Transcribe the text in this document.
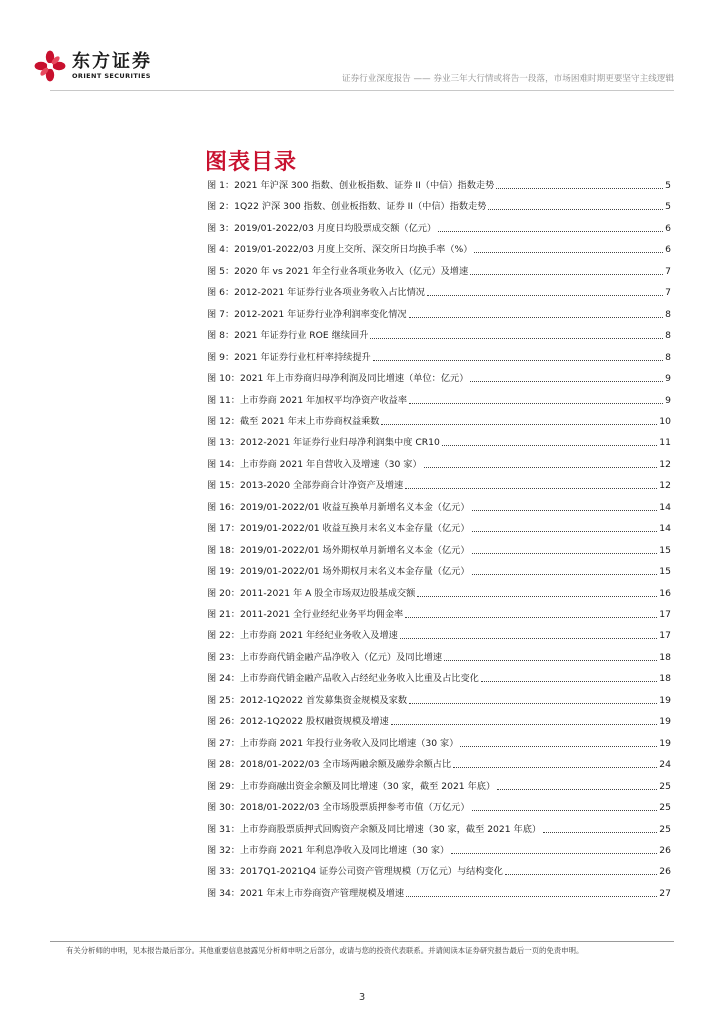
东方证券
ORIENT SECURITIES	证券行业深度报告 —— 券业三年大行情或将告一段落，市场困难时期更要坚守主线逻辑
图表目录
图 1：2021 年沪深 300 指数、创业板指数、证券 II（中信）指数走势	5
图 2：1Q22 沪深 300 指数、创业板指数、证券 II（中信）指数走势	5
图 3：2019/01-2022/03 月度日均股票成交额（亿元）	6
图 4：2019/01-2022/03 月度上交所、深交所日均换手率（%）	6
图 5：2020 年 vs 2021 年全行业各项业务收入（亿元）及增速	7
图 6：2012-2021 年证券行业各项业务收入占比情况	7
图 7：2012-2021 年证券行业净利润率变化情况	8
图 8：2021 年证券行业 ROE 继续回升	8
图 9：2021 年证券行业杠杆率持续提升	8
图 10：2021 年上市券商归母净利润及同比增速（单位：亿元）	9
图 11：上市券商 2021 年加权平均净资产收益率	9
图 12：截至 2021 年末上市券商权益乘数	10
图 13：2012-2021 年证券行业归母净利润集中度 CR10	11
图 14：上市券商 2021 年自营收入及增速（30 家）	12
图 15：2013-2020 全部券商合计净资产及增速	12
图 16：2019/01-2022/01 收益互换单月新增名义本金（亿元）	14
图 17：2019/01-2022/01 收益互换月末名义本金存量（亿元）	14
图 18：2019/01-2022/01 场外期权单月新增名义本金（亿元）	15
图 19：2019/01-2022/01 场外期权月末名义本金存量（亿元）	15
图 20：2011-2021 年 A 股全市场双边股基成交额	16
图 21：2011-2021 全行业经纪业务平均佣金率	17
图 22：上市券商 2021 年经纪业务收入及增速	17
图 23：上市券商代销金融产品净收入（亿元）及同比增速	18
图 24：上市券商代销金融产品收入占经纪业务收入比重及占比变化	18
图 25：2012-1Q2022 首发募集资金规模及家数	19
图 26：2012-1Q2022 股权融资规模及增速	19
图 27：上市券商 2021 年投行业务收入及同比增速（30 家）	19
图 28：2018/01-2022/03 全市场两融余额及融券余额占比	24
图 29：上市券商融出资金余额及同比增速（30 家，截至 2021 年底）	25
图 30：2018/01-2022/03 全市场股票质押参考市值（万亿元）	25
图 31：上市券商股票质押式回购资产余额及同比增速（30 家，截至 2021 年底）	25
图 32：上市券商 2021 年利息净收入及同比增速（30 家）	26
图 33：2017Q1-2021Q4 证券公司资产管理规模（万亿元）与结构变化	26
图 34：2021 年末上市券商资产管理规模及增速	27
有关分析师的申明，见本报告最后部分。其他重要信息披露见分析师申明之后部分，或请与您的投资代表联系。并请阅读本证券研究报告最后一页的免责申明。
3
